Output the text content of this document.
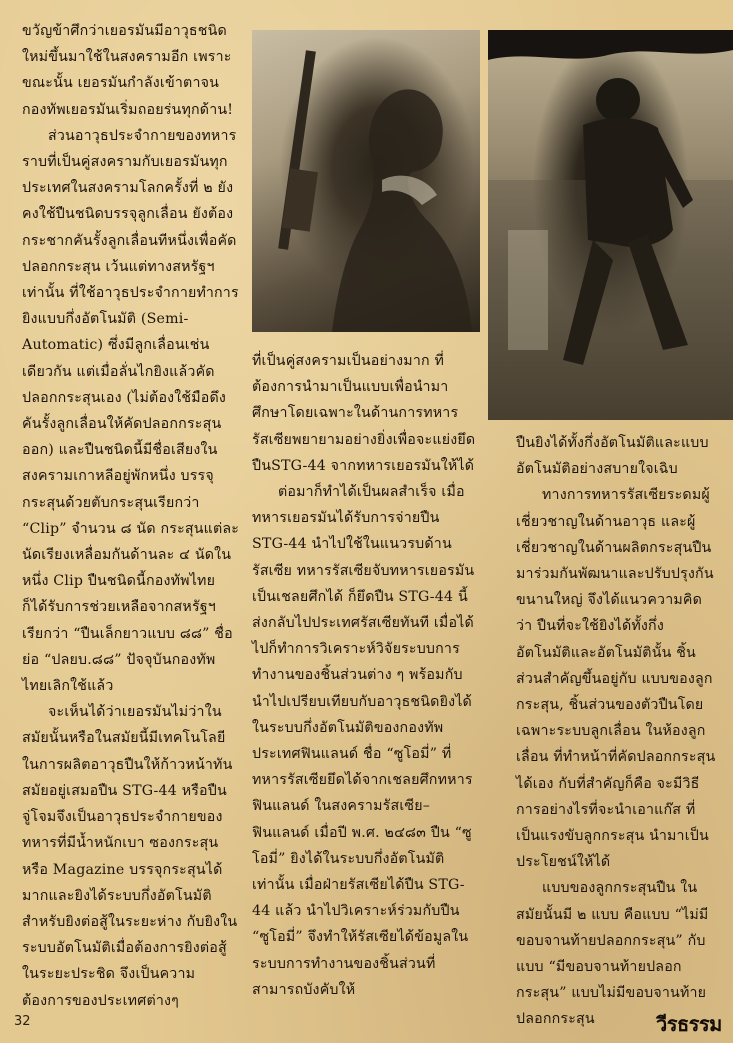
ขวัญข้าศึกว่าเยอรมันมีอาวุธชนิดใหม่ขึ้นมาใช้ในสงครามอีก เพราะขณะนั้น เยอรมันกำลังเข้าตาจน กองทัพเยอรมันเริ่มถอยร่นทุกด้าน!

ส่วนอาวุธประจำกายของทหารราบที่เป็นคู่สงครามกับเยอรมันทุกประเทศในสงครามโลกครั้งที่ ๒ ยังคงใช้ปืนชนิดบรรจุลูกเลื่อน ยังต้องกระชากคันรั้งลูกเลื่อนทีหนึ่งเพื่อคัดปลอกกระสุน เว้นแต่ทางสหรัฐฯเท่านั้น ที่ใช้อาวุธประจำกายทำการยิงแบบกึ่งอัตโนมัติ (Semi-Automatic) ซึ่งมีลูกเลื่อนเช่นเดียวกัน แต่เมื่อลั่นไกยิงแล้วคัดปลอกกระสุนเอง (ไม่ต้องใช้มือดึงคันรั้งลูกเลื่อนให้คัดปลอกกระสุนออก) และปืนชนิดนี้มีชื่อเสียงในสงครามเกาหลีอยู่พักหนึ่ง บรรจุกระสุนด้วยตับกระสุนเรียกว่า “Clip” จำนวน ๘ นัด กระสุนแต่ละนัดเรียงเหลื่อมกันด้านละ ๔ นัดในหนึ่ง Clip ปืนชนิดนี้กองทัพไทยก็ได้รับการช่วยเหลือจากสหรัฐฯเรียกว่า “ปืนเล็กยาวแบบ ๘๘” ชื่อย่อ “ปลยบ.๘๘” ปัจจุบันกองทัพไทยเลิกใช้แล้ว

จะเห็นได้ว่าเยอรมันไม่ว่าในสมัยนั้นหรือในสมัยนี้มีเทคโนโลยีในการผลิตอาวุธปืนให้ก้าวหน้าทันสมัยอยู่เสมอปืน STG-44 หรือปืนจู่โจมจึงเป็นอาวุธประจำกายของทหารที่มีน้ำหนักเบา ซองกระสุนหรือ Magazine บรรจุกระสุนได้มากและยิงได้ระบบกึ่งอัตโนมัติ สำหรับยิงต่อสู้ในระยะห่าง กับยิงในระบบอัตโนมัติเมื่อต้องการยิงต่อสู้ในระยะประชิด จึงเป็นความต้องการของประเทศต่างๆ

ที่เป็นคู่สงครามเป็นอย่างมาก ที่ต้องการนำมาเป็นแบบเพื่อนำมาศึกษาโดยเฉพาะในด้านการทหาร รัสเซียพยายามอย่างยิ่งเพื่อจะแย่งยึดปืนSTG-44 จากทหารเยอรมันให้ได้

ต่อมาก็ทำได้เป็นผลสำเร็จ เมื่อทหารเยอรมันได้รับการจ่ายปืน STG-44 นำไปใช้ในแนวรบด้านรัสเซีย ทหารรัสเซียจับทหารเยอรมันเป็นเชลยศึกได้ ก็ยึดปืน STG-44 นี้ส่งกลับไปประเทศรัสเซียทันที เมื่อได้ไปก็ทำการวิเคราะห์วิจัยระบบการทำงานของชิ้นส่วนต่าง ๆ พร้อมกับนำไปเปรียบเทียบกับอาวุธชนิดยิงได้ในระบบกึ่งอัตโนมัติของกองทัพประเทศฟินแลนด์ ชื่อ “ซูโอมี่” ที่ทหารรัสเซียยึดได้จากเชลยศึกทหารฟินแลนด์ ในสงครามรัสเซีย–ฟินแลนด์ เมื่อปี พ.ศ. ๒๔๘๓ ปืน “ซูโอมี่” ยิงได้ในระบบกึ่งอัตโนมัติเท่านั้น เมื่อฝ่ายรัสเซียได้ปืน STG-44 แล้ว นำไปวิเคราะห์ร่วมกับปืน “ซูโอมี่” จึงทำให้รัสเซียได้ข้อมูลในระบบการทำงานของชิ้นส่วนที่สามารถบังคับให้

ปืนยิงได้ทั้งกึ่งอัตโนมัติและแบบอัตโนมัติอย่างสบายใจเฉิบ

ทางการทหารรัสเซียระดมผู้เชี่ยวชาญในด้านอาวุธ และผู้เชี่ยวชาญในด้านผลิตกระสุนปืนมาร่วมกันพัฒนาและปรับปรุงกันขนานใหญ่ จึงได้แนวความคิดว่า ปืนที่จะใช้ยิงได้ทั้งกึ่งอัตโนมัติและอัตโนมัตินั้น ชิ้นส่วนสำคัญขึ้นอยู่กับ แบบของลูกกระสุน, ชิ้นส่วนของตัวปืนโดยเฉพาะระบบลูกเลื่อน ในห้องลูกเลื่อน ที่ทำหน้าที่คัดปลอกกระสุนได้เอง กับที่สำคัญก็คือ จะมีวิธีการอย่างไรที่จะนำเอาแก๊ส ที่เป็นแรงขับลูกกระสุน นำมาเป็นประโยชน์ให้ได้

แบบของลูกกระสุนปืน ในสมัยนั้นมี ๒ แบบ คือแบบ “ไม่มีขอบจานท้ายปลอกกระสุน” กับแบบ “มีขอบจานท้ายปลอกกระสุน” แบบไม่มีขอบจานท้ายปลอกกระสุน

32	วีรธรรม
